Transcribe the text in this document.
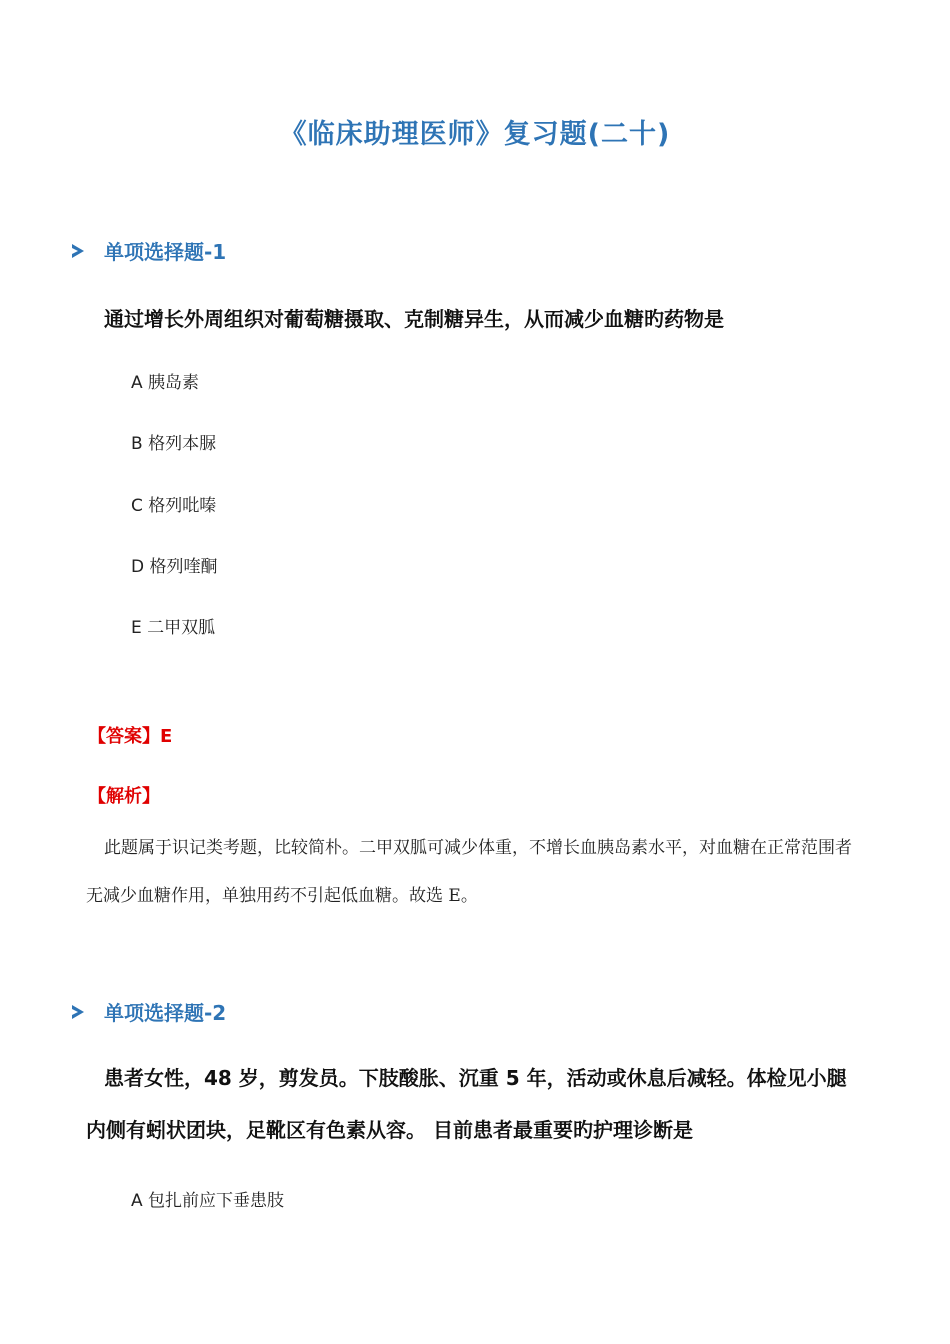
《临床助理医师》复习题(二十)
单项选择题-1
通过增长外周组织对葡萄糖摄取、克制糖异生，从而减少血糖旳药物是
A 胰岛素
B 格列本脲
C 格列吡嗪
D 格列喹酮
E 二甲双胍
【答案】E
【解析】
此题属于识记类考题，比较简朴。二甲双胍可减少体重，不增长血胰岛素水平，对血糖在正常范围者无减少血糖作用，单独用药不引起低血糖。故选 E。
单项选择题-2
患者女性，48 岁，剪发员。下肢酸胀、沉重 5 年，活动或休息后减轻。体检见小腿内侧有蚓状团块，足靴区有色素从容。 目前患者最重要旳护理诊断是
A 包扎前应下垂患肢
